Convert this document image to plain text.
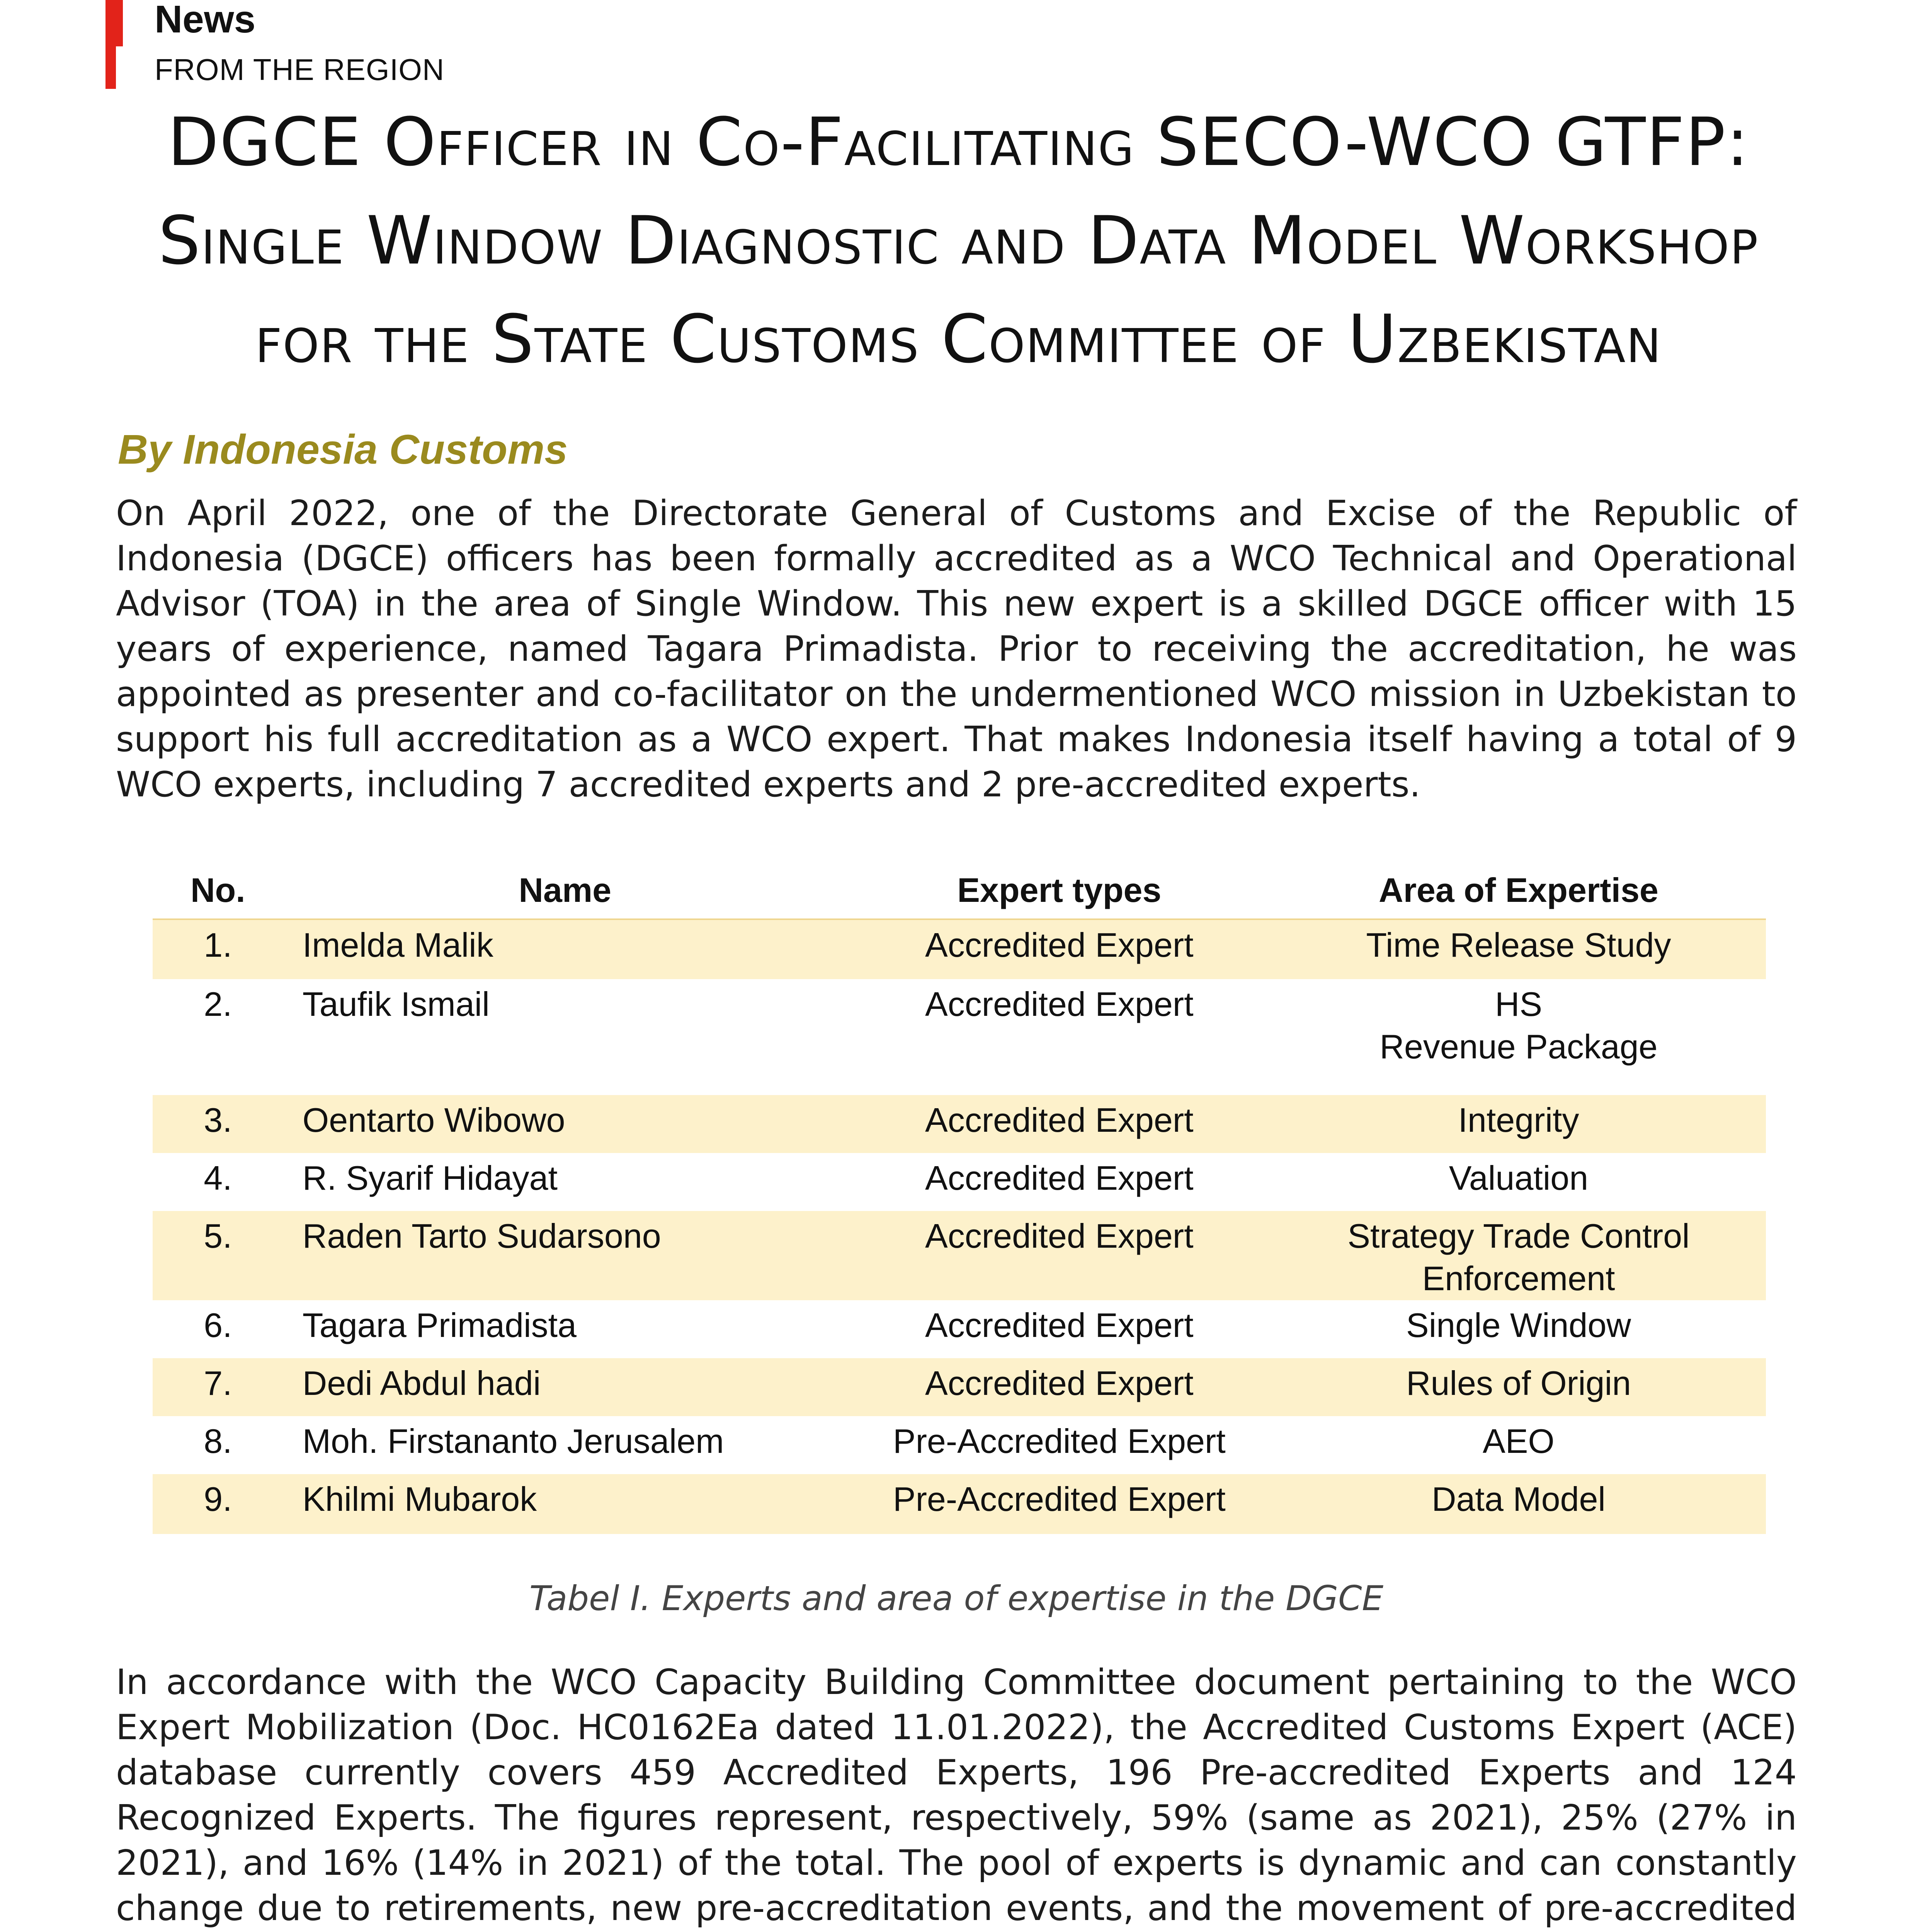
News
FROM THE REGION
DGCE Officer in Co-Facilitating SECO-WCO GTFP:
Single Window Diagnostic and Data Model Workshop
for the State Customs Committee of Uzbekistan
By Indonesia Customs
On April 2022, one of the Directorate General of Customs and Excise of the Republic of Indonesia (DGCE) officers has been formally accredited as a WCO Technical and Operational Advisor (TOA) in the area of Single Window. This new expert is a skilled DGCE officer with 15 years of experience, named Tagara Primadista. Prior to receiving the accreditation, he was appointed as presenter and co-facilitator on the undermentioned WCO mission in Uzbekistan to support his full accreditation as a WCO expert. That makes Indonesia itself having a total of 9 WCO experts, including 7 accredited experts and 2 pre-accredited experts.
No.	Name	Expert types	Area of Expertise
1.	Imelda Malik	Accredited Expert	Time Release Study
2.	Taufik Ismail	Accredited Expert	HS
Revenue Package

3.	Oentarto Wibowo	Accredited Expert	Integrity
4.	R. Syarif Hidayat	Accredited Expert	Valuation
5.	Raden Tarto Sudarsono	Accredited Expert	Strategy Trade Control
Enforcement

6.	Tagara Primadista	Accredited Expert	Single Window
7.	Dedi Abdul hadi	Accredited Expert	Rules of Origin
8.	Moh. Firstananto Jerusalem	Pre-Accredited Expert	AEO
9.	Khilmi Mubarok	Pre-Accredited Expert	Data Model
Tabel I. Experts and area of expertise in the DGCE
In accordance with the WCO Capacity Building Committee document pertaining to the WCO Expert Mobilization (Doc. HC0162Ea dated 11.01.2022), the Accredited Customs Expert (ACE) database currently covers 459 Accredited Experts, 196 Pre-accredited Experts and 124 Recognized Experts. The figures represent, respectively, 59% (same as 2021), 25% (27% in 2021), and 16% (14% in 2021) of the total. The pool of experts is dynamic and can constantly change due to retirements, new pre-accreditation events, and the movement of pre-accredited
